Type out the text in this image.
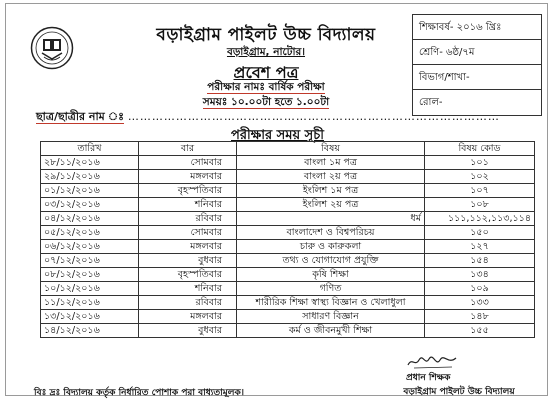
বড়াইগ্রাম পাইলট উচ্চ বিদ্যালয়
বড়াইগ্রাম, নাটোর।
প্রবেশ পত্র
পরীক্ষার নামঃ বার্ষিক পরীক্ষা
সময়ঃ ১০.০০টা হতে ১.০০টা
শিক্ষাবর্ষ- ২০১৬ খ্রিঃ
শ্রেণি- ৬ষ্ঠ/৭ম
বিভাগ/শাখা-
রোল-
ছাত্র/ছাত্রীর নাম ঃ …………………………………………………………………………………
পরীক্ষার সময় সূচী
তারিখ	বার	বিষয়	বিষয় কোড
২৮/১১/২০১৬	সোমবার	বাংলা ১ম পত্র	১০১
২৯/১১/২০১৬	মঙ্গলবার	বাংলা ২য় পত্র	১০২
০১/১২/২০১৬	বৃহস্পতিবার	ইংলিশ ১ম পত্র	১০৭
০৩/১২/২০১৬	শনিবার	ইংলিশ ২য় পত্র	১০৮
০৪/১২/২০১৬	রবিবার	ধর্ম	১১১,১১২,১১৩,১১৪
০৫/১২/২০১৬	সোমবার	বাংলাদেশ ও বিশ্বপরিচয়	১৫০
০৬/১২/২০১৬	মঙ্গলবার	চারু ও কারুকলা	১২৭
০৭/১২/২০১৬	বুধবার	তথ্য ও যোগাযোগ প্রযুক্তি	১৫৪
০৮/১২/২০১৬	বৃহস্পতিবার	কৃষি শিক্ষা	১৩৪
১০/১২/২০১৬	শনিবার	গণিত	১০৯
১১/১২/২০১৬	রবিবার	শারীরিক শিক্ষা স্বাস্থ্য বিজ্ঞান ও খেলাধুলা	১৩৩
১৩/১২/২০১৬	মঙ্গলবার	সাধারণ বিজ্ঞান	১৪৮
১৪/১২/২০১৬	বুধবার	কর্ম ও জীবনমুখী শিক্ষা	১৫৫
প্রধান শিক্ষক
বড়াইগ্রাম পাইলট উচ্চ বিদ্যালয়
বিঃ দ্রঃ বিদ্যালয় কর্তৃক নির্ধারিত পোশাক পরা বাধ্যতামূলক।
